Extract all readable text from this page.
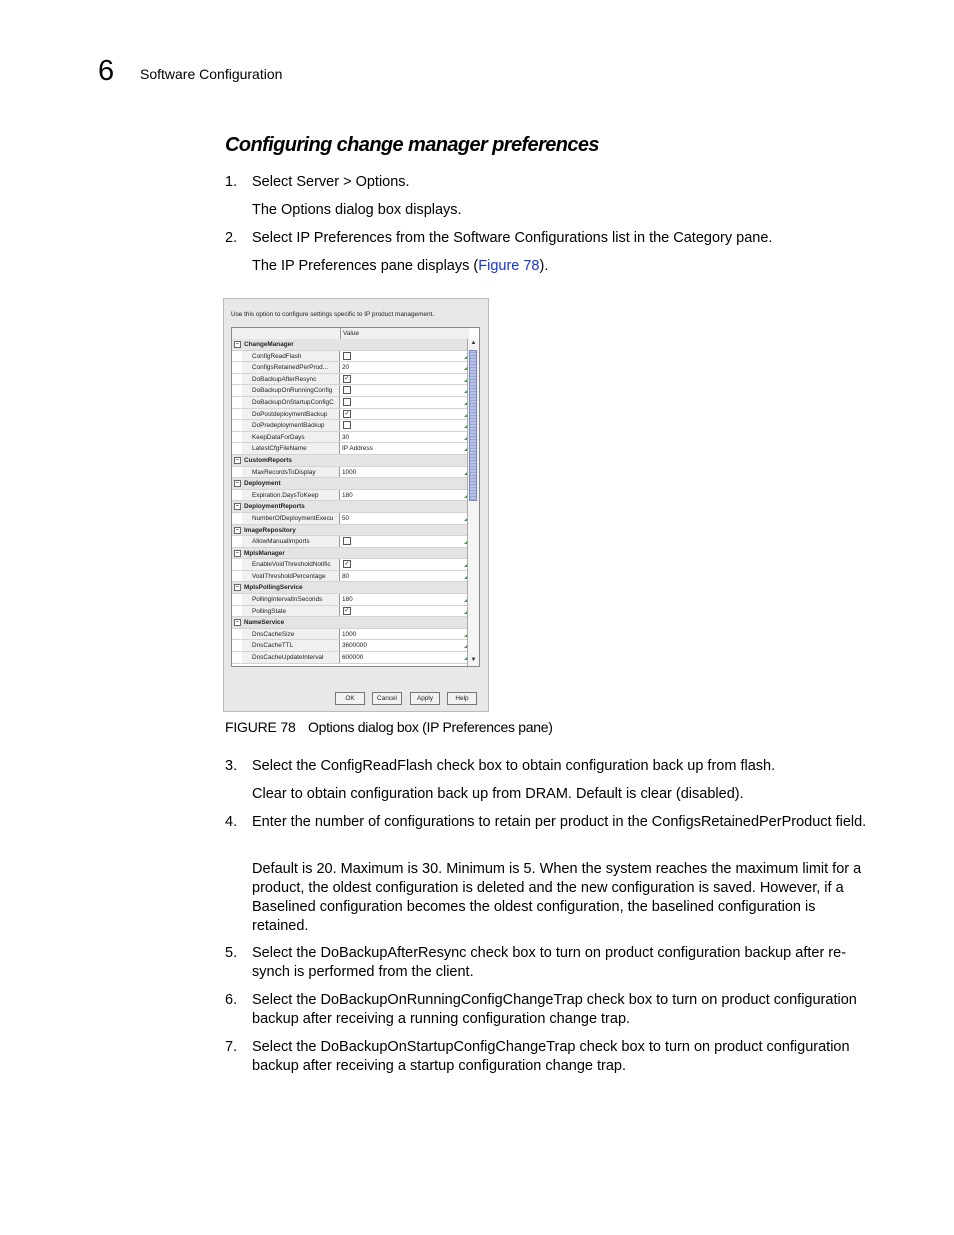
6 Software Configuration
Configuring change manager preferences
1. Select Server > Options.
The Options dialog box displays.
2. Select IP Preferences from the Software Configurations list in the Category pane.
The IP Preferences pane displays (Figure 78).
Use this option to configure settings specific to IP product management.
Value
− ChangeManager
ConfigReadFlash
ConfigsRetainedPerProd...	20
DoBackupAfterResync	✓
DoBackupOnRunningConfig
DoBackupOnStartupConfigC
DoPostdeploymentBackup	✓
DoPredeploymentBackup
KeepDataForDays	30
LatestCfgFileName	IP Address
− CustomReports
MaxRecordsToDisplay	1000
− Deployment
Expiration.DaysToKeep	180
− DeploymentReports
NumberOfDeploymentExecu	50
− ImageRepository
AllowManualImports
− MplsManager
EnableVoidThresholdNotific	✓
VoidThresholdPercentage	80
− MplsPollingService
PollingIntervalInSeconds	180
PollingState	✓
− NameService
DnsCacheSize	1000
DnsCacheTTL	3600000
DnsCacheUpdateInterval	600000
▲
▼
OK	Cancel	Apply	Help
FIGURE 78 Options dialog box (IP Preferences pane)
3. Select the ConfigReadFlash check box to obtain configuration back up from flash.
Clear to obtain configuration back up from DRAM. Default is clear (disabled).
4. Enter the number of configurations to retain per product in the ConfigsRetainedPerProduct field.
Default is 20. Maximum is 30. Minimum is 5. When the system reaches the maximum limit for a product, the oldest configuration is deleted and the new configuration is saved. However, if a Baselined configuration becomes the oldest configuration, the baselined configuration is retained.
5. Select the DoBackupAfterResync check box to turn on product configuration backup after re-synch is performed from the client.
6. Select the DoBackupOnRunningConfigChangeTrap check box to turn on product configuration backup after receiving a running configuration change trap.
7. Select the DoBackupOnStartupConfigChangeTrap check box to turn on product configuration backup after receiving a startup configuration change trap.
